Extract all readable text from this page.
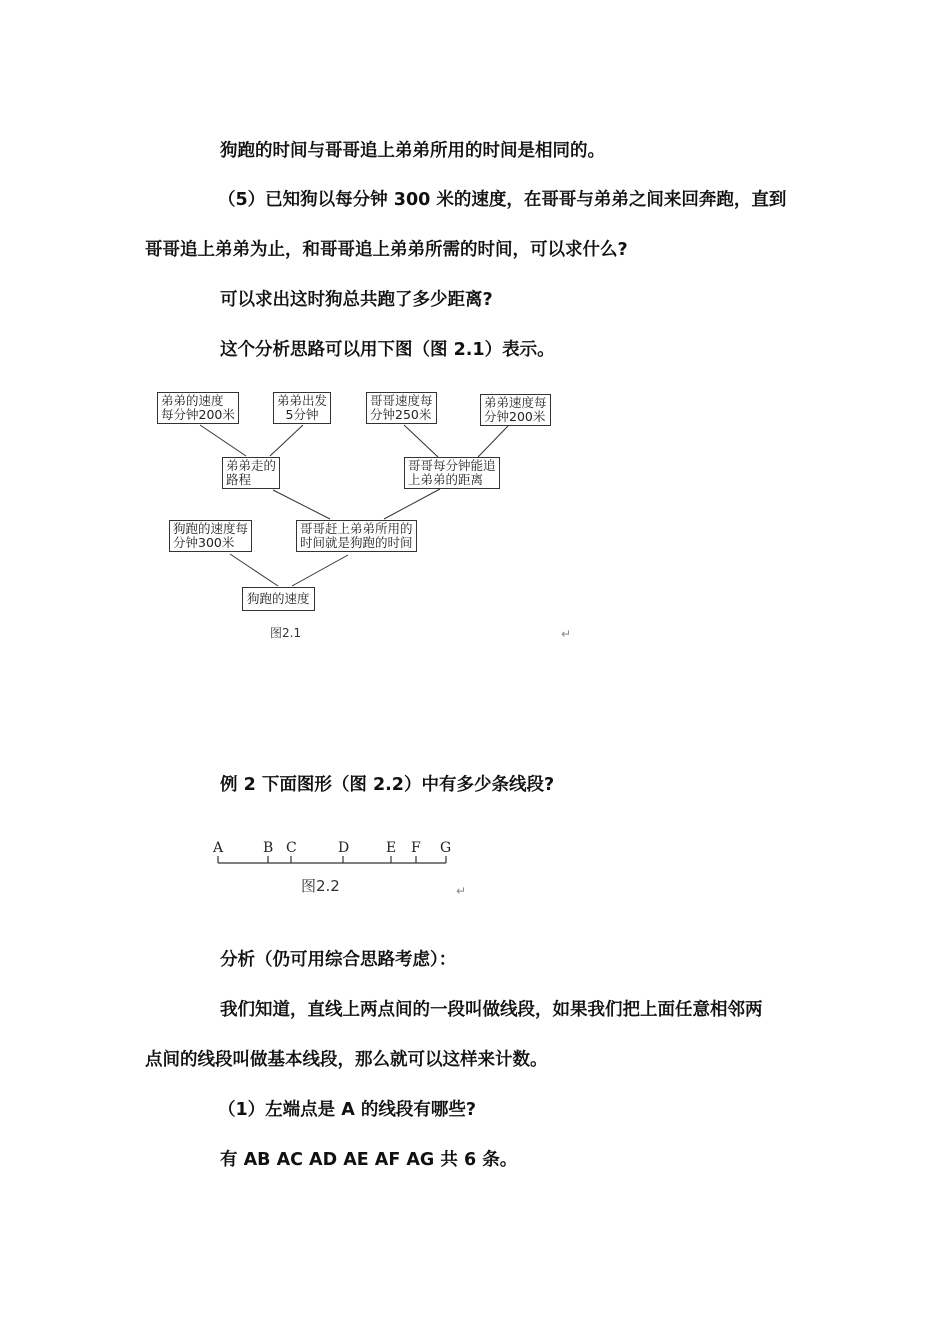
狗跑的时间与哥哥追上弟弟所用的时间是相同的。
（5）已知狗以每分钟 300 米的速度，在哥哥与弟弟之间来回奔跑，直到
哥哥追上弟弟为止，和哥哥追上弟弟所需的时间，可以求什么?
可以求出这时狗总共跑了多少距离?
这个分析思路可以用下图（图 2.1）表示。
弟弟的速度
每分钟200米
弟弟出发
5分钟
哥哥速度每
分钟250米
弟弟速度每
分钟200米
弟弟走的
路程
哥哥每分钟能追
上弟弟的距离
狗跑的速度每
分钟300米
哥哥赶上弟弟所用的
时间就是狗跑的时间
狗跑的速度
图2.1	↵
例 2 下面图形（图 2.2）中有多少条线段?
A	B C	D	E F G
图2.2	↵
分析（仍可用综合思路考虑）：
我们知道，直线上两点间的一段叫做线段，如果我们把上面任意相邻两
点间的线段叫做基本线段，那么就可以这样来计数。
（1）左端点是 A 的线段有哪些?
有 AB AC AD AE AF AG 共 6 条。
